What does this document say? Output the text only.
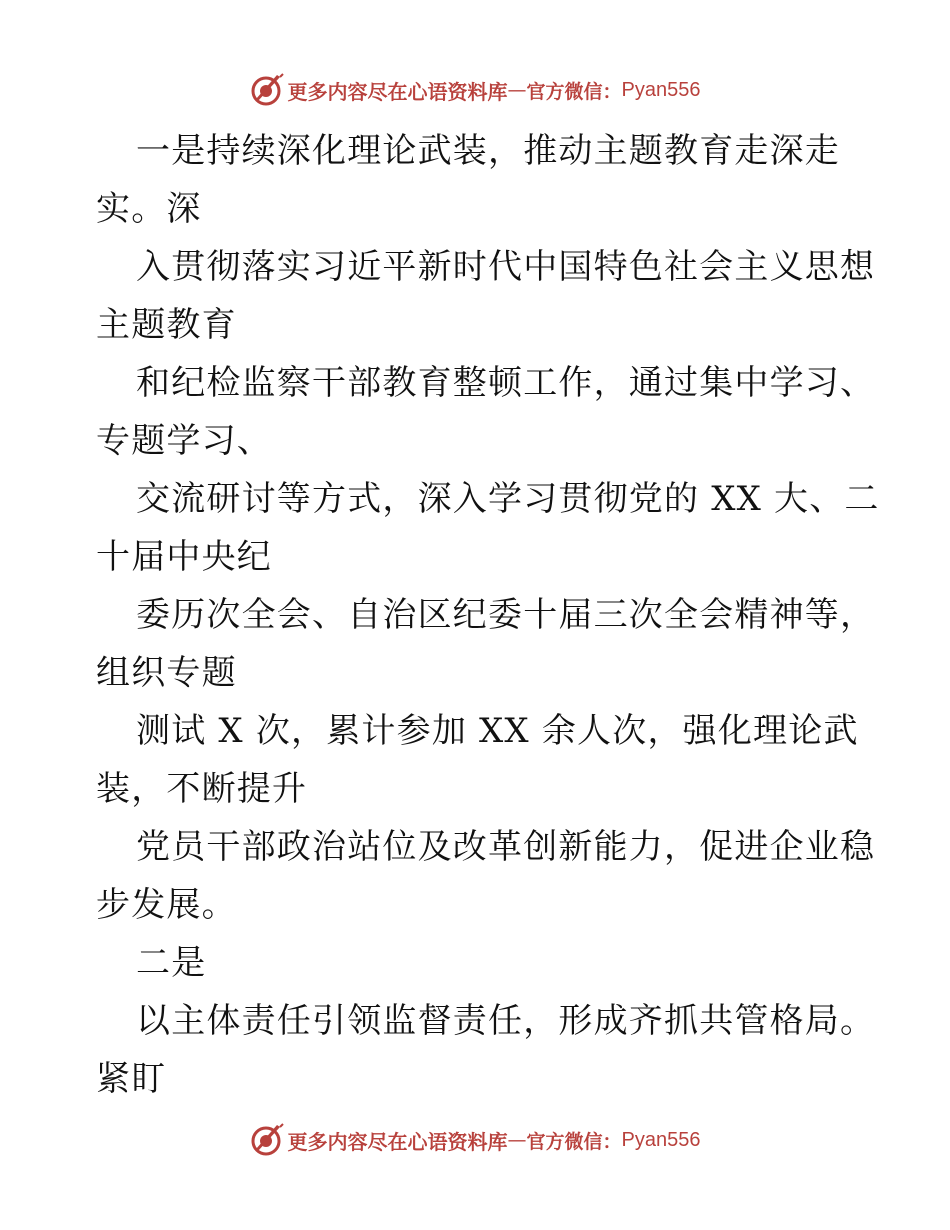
更多内容尽在心语资料库 — 官方微信： Pyan556
一是持续深化理论武装，推动主题教育走深走
实。深
入贯彻落实习近平新时代中国特色社会主义思想
主题教育
和纪检监察干部教育整顿工作，通过集中学习、
专题学习、
交流研讨等方式，深入学习贯彻党的 XX 大、二
十届中央纪
委历次全会、自治区纪委十届三次全会精神等，
组织专题
测试 X 次，累计参加 XX 余人次，强化理论武
装，不断提升
党员干部政治站位及改革创新能力，促进企业稳
步发展。
二是
以主体责任引领监督责任，形成齐抓共管格局。
紧盯
更多内容尽在心语资料库 — 官方微信： Pyan556
